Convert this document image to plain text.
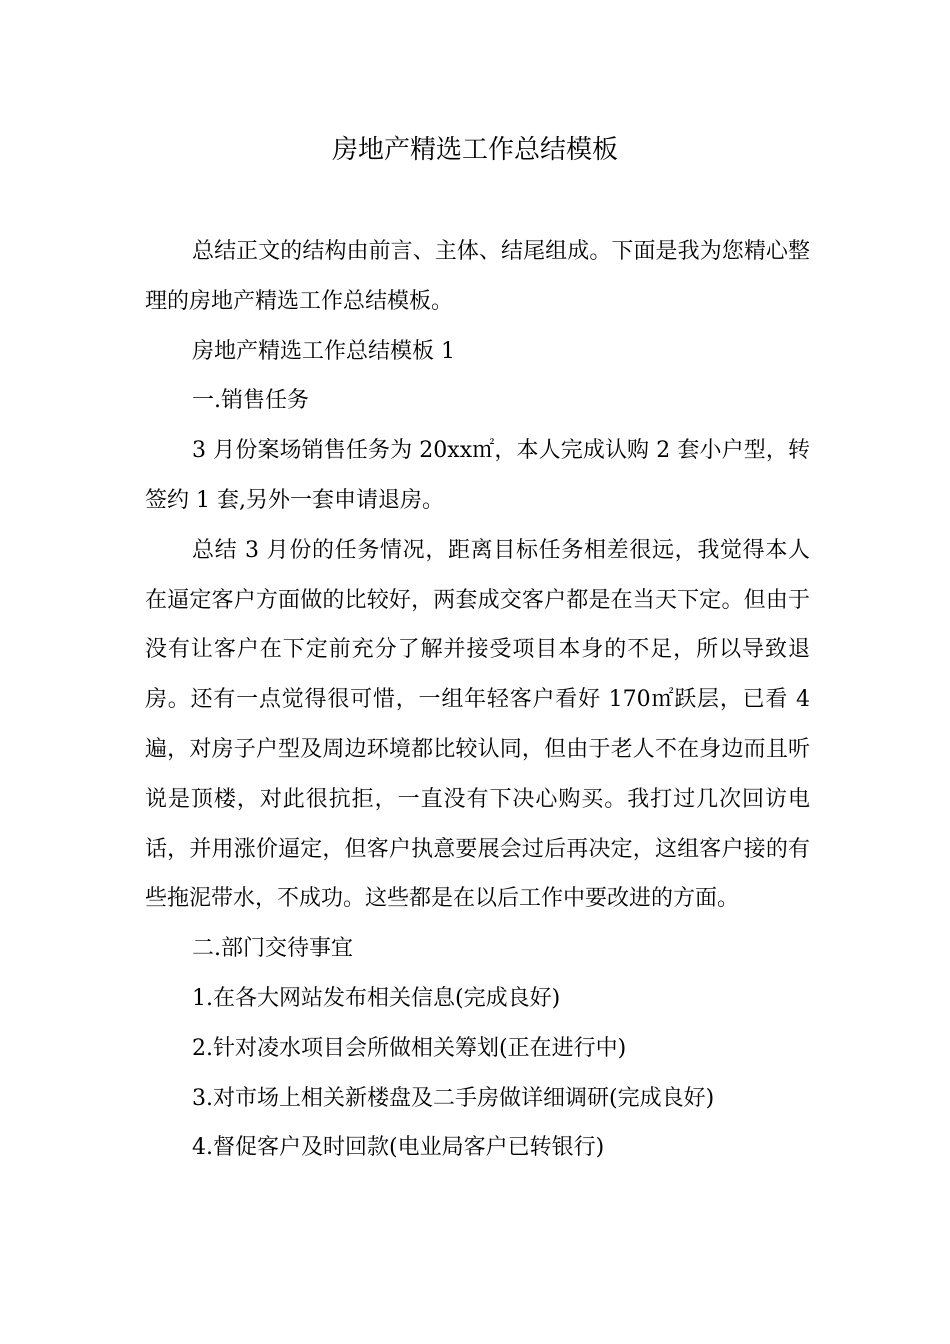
房地产精选工作总结模板

总结正文的结构由前言、主体、结尾组成。下面是我为您精心整理的房地产精选工作总结模板。

房地产精选工作总结模板 1

一.销售任务

3 月份案场销售任务为 20xx㎡，本人完成认购 2 套小户型，转签约 1 套,另外一套申请退房。

总结 3 月份的任务情况，距离目标任务相差很远，我觉得本人在逼定客户方面做的比较好，两套成交客户都是在当天下定。但由于没有让客户在下定前充分了解并接受项目本身的不足，所以导致退房。还有一点觉得很可惜，一组年轻客户看好 170㎡跃层，已看 4 遍，对房子户型及周边环境都比较认同，但由于老人不在身边而且听说是顶楼，对此很抗拒，一直没有下决心购买。我打过几次回访电话，并用涨价逼定，但客户执意要展会过后再决定，这组客户接的有些拖泥带水，不成功。这些都是在以后工作中要改进的方面。

二.部门交待事宜

1.在各大网站发布相关信息(完成良好)

2.针对凌水项目会所做相关筹划(正在进行中)

3.对市场上相关新楼盘及二手房做详细调研(完成良好)

4.督促客户及时回款(电业局客户已转银行)
